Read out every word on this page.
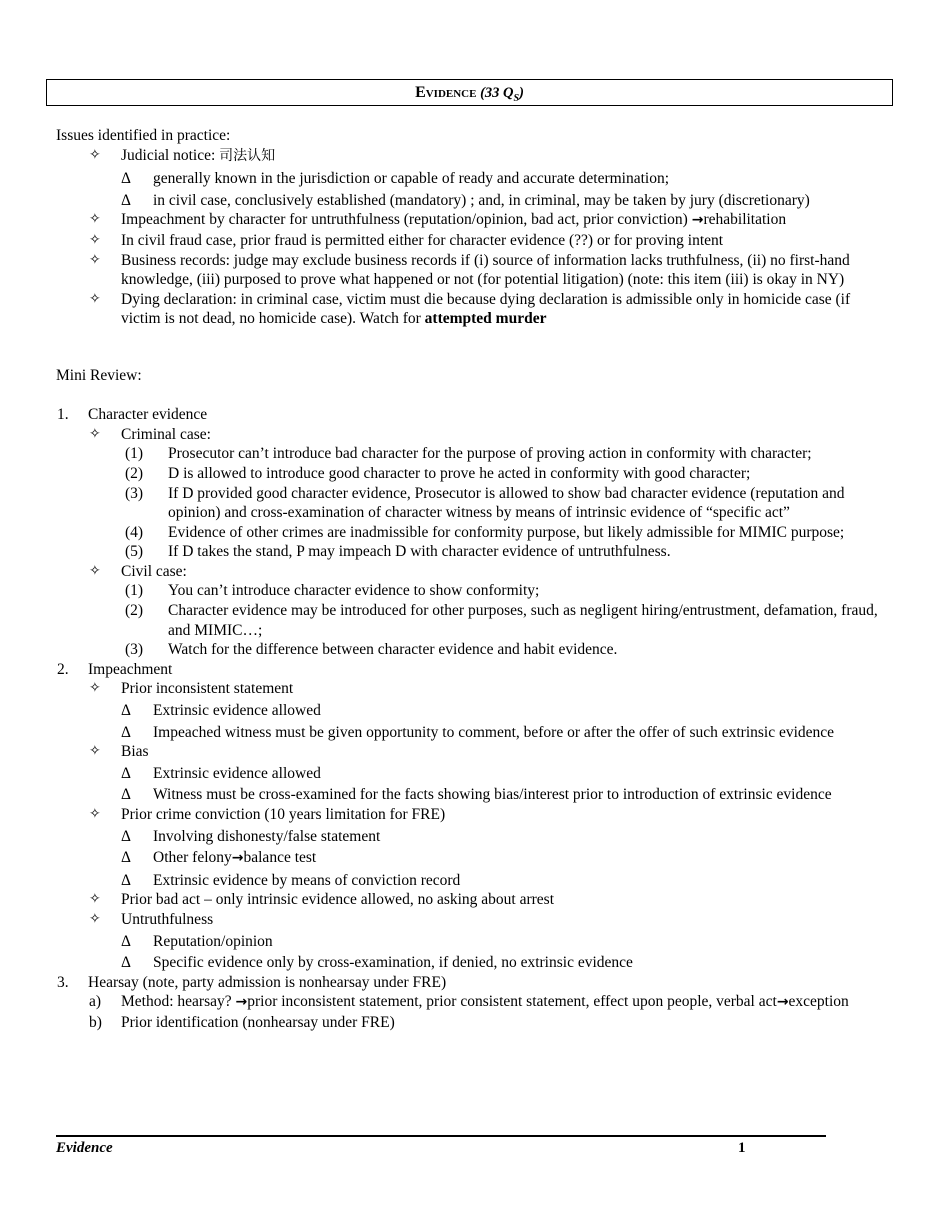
Evidence (33 $Q_S$)
Issues identified in practice:
✧ Judicial notice: 司法认知
Δ generally known in the jurisdiction or capable of ready and accurate determination;
Δ in civil case, conclusively established (mandatory) ; and, in criminal, may be taken by jury (discretionary)
✧ Impeachment by character for untruthfulness (reputation/opinion, bad act, prior conviction) →rehabilitation
✧ In civil fraud case, prior fraud is permitted either for character evidence (??) or for proving intent
✧ Business records: judge may exclude business records if (i) source of information lacks truthfulness, (ii) no first-hand knowledge, (iii) purposed to prove what happened or not (for potential litigation) (note: this item (iii) is okay in NY)
✧ Dying declaration: in criminal case, victim must die because dying declaration is admissible only in homicide case (if victim is not dead, no homicide case). Watch for attempted murder
Mini Review:
1. Character evidence
✧ Criminal case:
(1) Prosecutor can’t introduce bad character for the purpose of proving action in conformity with character;
(2) D is allowed to introduce good character to prove he acted in conformity with good character;
(3) If D provided good character evidence, Prosecutor is allowed to show bad character evidence (reputation and opinion) and cross-examination of character witness by means of intrinsic evidence of “specific act”
(4) Evidence of other crimes are inadmissible for conformity purpose, but likely admissible for MIMIC purpose;
(5) If D takes the stand, P may impeach D with character evidence of untruthfulness.
✧ Civil case:
(1) You can’t introduce character evidence to show conformity;
(2) Character evidence may be introduced for other purposes, such as negligent hiring/entrustment, defamation, fraud, and MIMIC…;
(3) Watch for the difference between character evidence and habit evidence.
2. Impeachment
✧ Prior inconsistent statement
Δ Extrinsic evidence allowed
Δ Impeached witness must be given opportunity to comment, before or after the offer of such extrinsic evidence
✧ Bias
Δ Extrinsic evidence allowed
Δ Witness must be cross-examined for the facts showing bias/interest prior to introduction of extrinsic evidence
✧ Prior crime conviction (10 years limitation for FRE)
Δ Involving dishonesty/false statement
Δ Other felony→balance test
Δ Extrinsic evidence by means of conviction record
✧ Prior bad act – only intrinsic evidence allowed, no asking about arrest
✧ Untruthfulness
Δ Reputation/opinion
Δ Specific evidence only by cross-examination, if denied, no extrinsic evidence
3. Hearsay (note, party admission is nonhearsay under FRE)
a) Method: hearsay? →prior inconsistent statement, prior consistent statement, effect upon people, verbal act→exception
b) Prior identification (nonhearsay under FRE)
Evidence	1
